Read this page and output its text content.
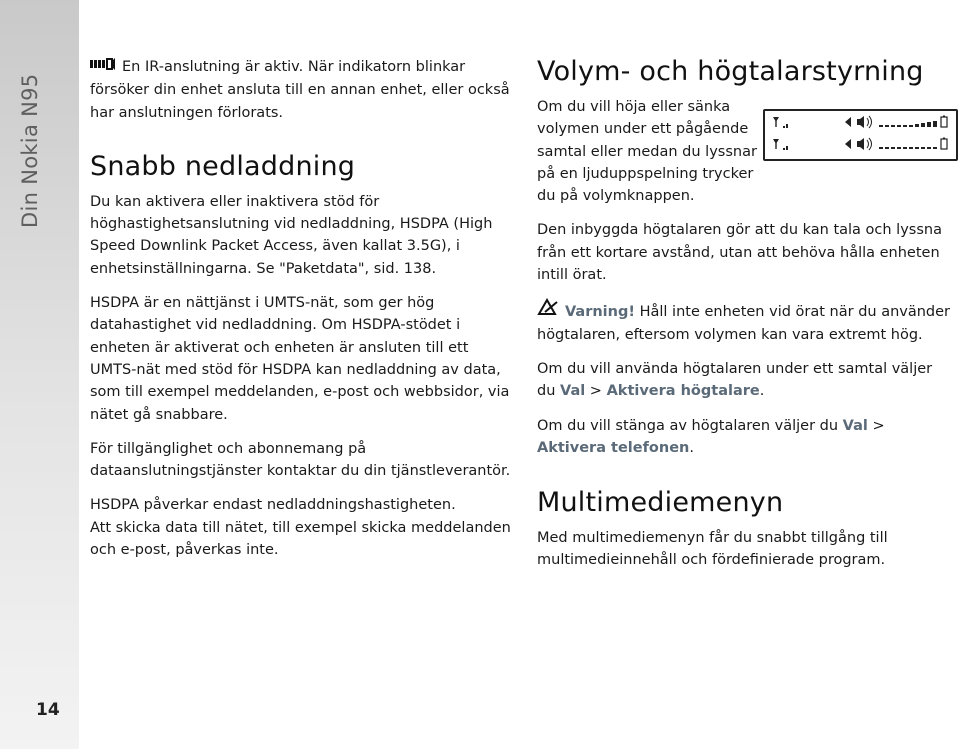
Din Nokia N95
14

En IR-anslutning är aktiv. När indikatorn blinkar försöker din enhet ansluta till en annan enhet, eller också har anslutningen förlorats.

Snabb nedladdning

Du kan aktivera eller inaktivera stöd för höghastighetsanslutning vid nedladdning, HSDPA (High Speed Downlink Packet Access, även kallat 3.5G), i enhetsinställningarna. Se "Paketdata", sid. 138.

HSDPA är en nättjänst i UMTS-nät, som ger hög datahastighet vid nedladdning. Om HSDPA-stödet i enheten är aktiverat och enheten är ansluten till ett UMTS-nät med stöd för HSDPA kan nedladdning av data, som till exempel meddelanden, e-post och webbsidor, via nätet gå snabbare.

För tillgänglighet och abonnemang på dataanslutningstjänster kontaktar du din tjänstleverantör.

HSDPA påverkar endast nedladdningshastigheten.

Att skicka data till nätet, till exempel skicka meddelanden och e-post, påverkas inte.

Volym- och högtalarstyrning

Om du vill höja eller sänka volymen under ett pågående samtal eller medan du lyssnar på en ljuduppspelning trycker du på volymknappen.

Den inbyggda högtalaren gör att du kan tala och lyssna från ett kortare avstånd, utan att behöva hålla enheten intill örat.

Varning! Håll inte enheten vid örat när du använder högtalaren, eftersom volymen kan vara extremt hög.

Om du vill använda högtalaren under ett samtal väljer du Val > Aktivera högtalare.

Om du vill stänga av högtalaren väljer du Val > Aktivera telefonen.

Multimediemenyn

Med multimediemenyn får du snabbt tillgång till multimedieinnehåll och fördefinierade program.
